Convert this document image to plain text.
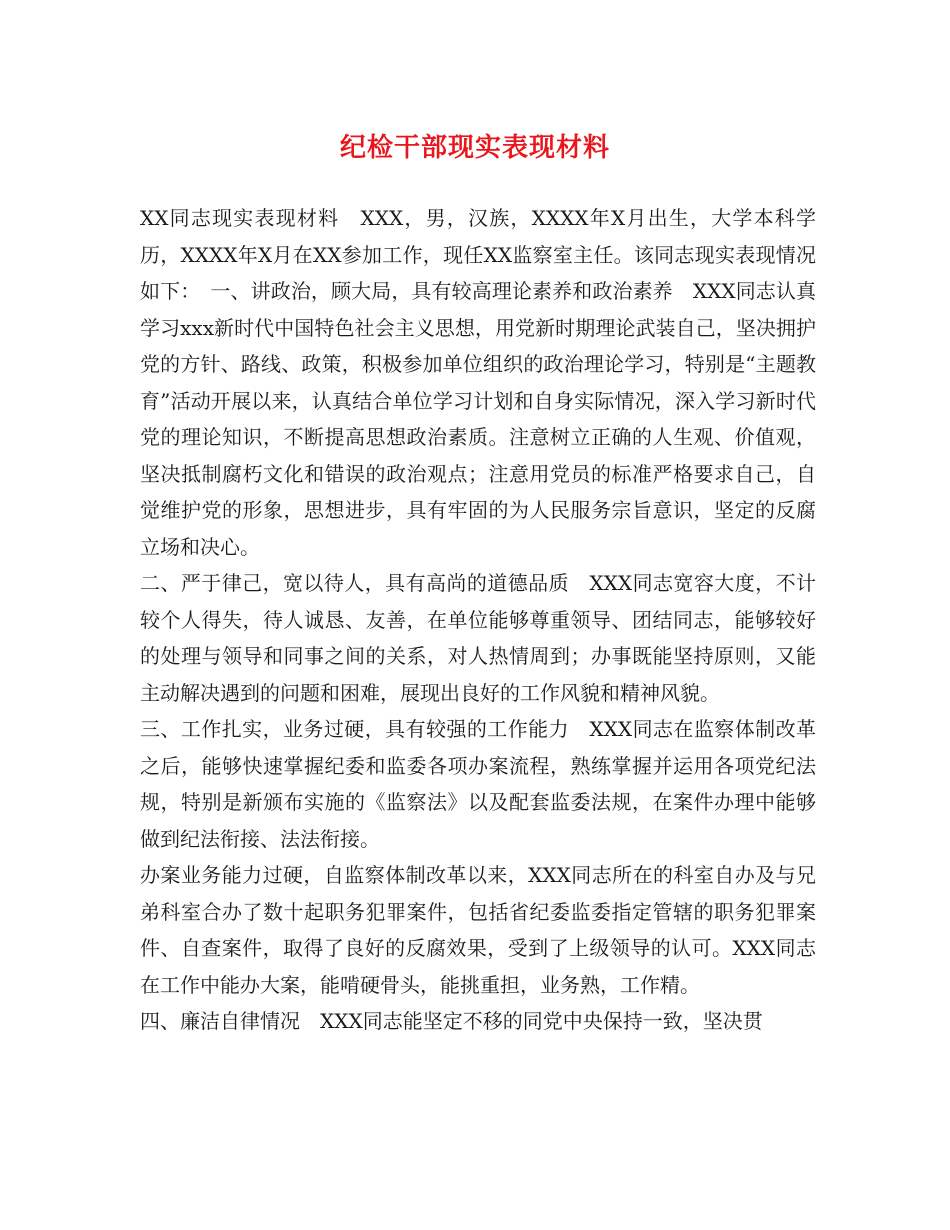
纪检干部现实表现材料

XX同志现实表现材料　XXX，男，汉族，XXXX年X月出生，大学本科学历，XXXX年X月在XX参加工作，现任XX监察室主任。该同志现实表现情况如下：　一、讲政治，顾大局，具有较高理论素养和政治素养　XXX同志认真学习xxx新时代中国特色社会主义思想，用党新时期理论武装自己，坚决拥护党的方针、路线、政策，积极参加单位组织的政治理论学习，特别是“主题教育”活动开展以来，认真结合单位学习计划和自身实际情况，深入学习新时代党的理论知识，不断提高思想政治素质。注意树立正确的人生观、价值观，坚决抵制腐朽文化和错误的政治观点；注意用党员的标准严格要求自己，自觉维护党的形象，思想进步，具有牢固的为人民服务宗旨意识，坚定的反腐立场和决心。

二、严于律己，宽以待人，具有高尚的道德品质　XXX同志宽容大度，不计较个人得失，待人诚恳、友善，在单位能够尊重领导、团结同志，能够较好的处理与领导和同事之间的关系，对人热情周到；办事既能坚持原则，又能主动解决遇到的问题和困难，展现出良好的工作风貌和精神风貌。

三、工作扎实，业务过硬，具有较强的工作能力　XXX同志在监察体制改革之后，能够快速掌握纪委和监委各项办案流程，熟练掌握并运用各项党纪法规，特别是新颁布实施的《监察法》以及配套监委法规，在案件办理中能够做到纪法衔接、法法衔接。

办案业务能力过硬，自监察体制改革以来，XXX同志所在的科室自办及与兄弟科室合办了数十起职务犯罪案件，包括省纪委监委指定管辖的职务犯罪案件、自查案件，取得了良好的反腐效果，受到了上级领导的认可。XXX同志在工作中能办大案，能啃硬骨头，能挑重担，业务熟，工作精。

四、廉洁自律情况　XXX同志能坚定不移的同党中央保持一致，坚决贯
